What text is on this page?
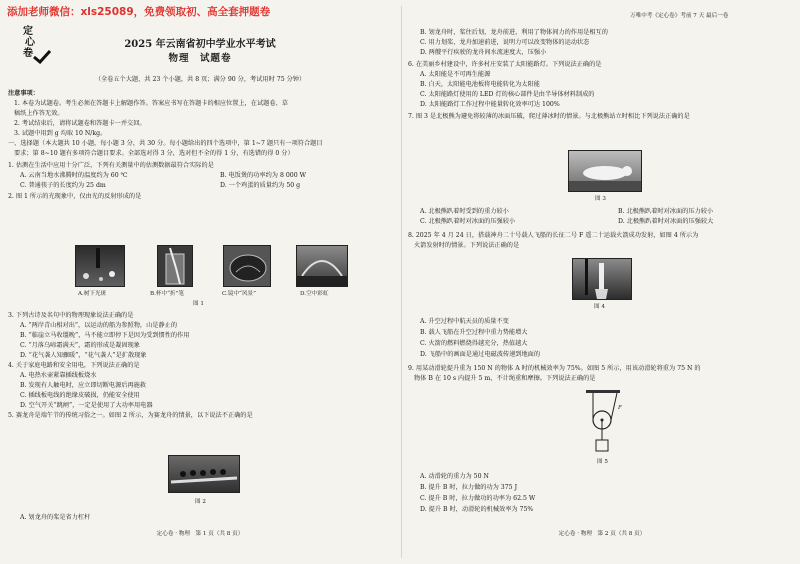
添加老师微信：xls25089，免费领取初、高全套押题卷
定
心
卷
2025 年云南省初中学业水平考试
物理　试题卷
（全卷五个大题，共 23 个小题，共 8 页；满分 90 分，考试用时 75 分钟）
注意事项：
1. 本卷为试题卷。考生必须在答题卡上解题作答。答案应书写在答题卡的相应位置上，在试题卷、草
稿纸上作答无效。
2. 考试结束后，请将试题卷和答题卡一并交回。
3. 试题中用到 g 均取 10 N/kg。
一、选择题（本大题共 10 小题，每小题 3 分，共 30 分。每小题给出的四个选项中，第 1~7 题只有一项符合题目
要求；第 8~10 题有多项符合题目要求。全部选对得 3 分，选对但不全的得 1 分，有选错的得 0 分）
1. 估测在生活中应用十分广泛，下列有关测量中的估测数据最符合实际的是
A. 云南当地水沸腾时的温度约为 60 ℃	B. 电饭煲的功率约为 8 000 W
C. 普通筷子的长度约为 25 dm	D. 一个鸡蛋的质量约为 50 g
2. 图 1 所示的光现象中，仅由光的反射形成的是
A.树下光斑	B.杯中“折”笔	C.镜中“风景”	D.空中彩虹
图 1
3. 下列古诗及名句中的物理现象说法正确的是
A. “两岸青山相对出”，以运动的船为参照物，山是静止的
B. “临崖立马收缰晚”，马不能立即停下是因为受到惯性的作用
C. “月落乌啼霜满天”，霜的形成是凝固现象
D. “花气袭人知骤暖”，“花气袭人”是扩散现象
4. 关于家庭电路和安全用电，下列说法正确的是
A. 电热水壶紧靠插线板烧水
B. 发现有人触电时，应立即切断电源后再施救
C. 插线板电线的绝缘皮破损，仍能安全使用
D. 空气开关“跳闸”，一定是使用了大功率用电器
5. 赛龙舟是端午节的传统习俗之一。如图 2 所示，为赛龙舟的情景，以下说法不正确的是
图 2
A. 划龙舟的桨是省力杠杆
定心卷 · 物理　第 1 页（共 8 页）
万唯中考《定心卷》考前 7 天 最后一卷
B. 划龙舟时，桨往后划，龙舟前进，利用了物体间力的作用是相互的
C. 用力划桨，龙舟加速前进，说明力可以改变物体的运动状态
D. 两艘平行疾驶的龙舟间水流速度大，压强小
6. 在美丽乡村建设中，许多村庄安装了太阳能路灯。下列说法正确的是
A. 太阳能是不可再生能源
B. 白天，太阳能电池板将电能转化为太阳能
C. 太阳能路灯使用的 LED 灯的核心部件是由半导体材料制成的
D. 太阳能路灯工作过程中能量转化效率可达 100%
7. 图 3 是北极熊为避免将较薄的冰面压破，爬过薄冰时的情景。与北极熊站立时相比下列说法正确的是
图 3
A. 北极熊趴着时受到的重力较小	B. 北极熊趴着时对冰面的压力较小
C. 北极熊趴着时对冰面的压强较小	D. 北极熊趴着时对冰面的压强较大
8. 2025 年 4 月 24 日，搭载神舟二十号载人飞船的长征二号 F 遥二十运载火箭成功发射，如图 4 所示为
火箭发射时的情景。下列说法正确的是
图 4
A. 升空过程中航天员的质量不变
B. 载人飞船在升空过程中重力势能增大
C. 火箭的燃料燃烧得越充分，热值越大
D. 飞船中的画面是通过电磁波传递到地面的
9. 用某动滑轮提升重为 150 N 的物体 A 时的机械效率为 75%。如图 5 所示，用该动滑轮将重为 75 N 的
物体 B 在 10 s 内提升 5 m，不计绳重和摩擦。下列说法正确的是
F
图 5
A. 动滑轮的重力为 50 N
B. 提升 B 时，拉力做的功为 375 J
C. 提升 B 时，拉力做功的功率为 62.5 W
D. 提升 B 时，动滑轮的机械效率为 75%
定心卷 · 物理　第 2 页（共 8 页）
